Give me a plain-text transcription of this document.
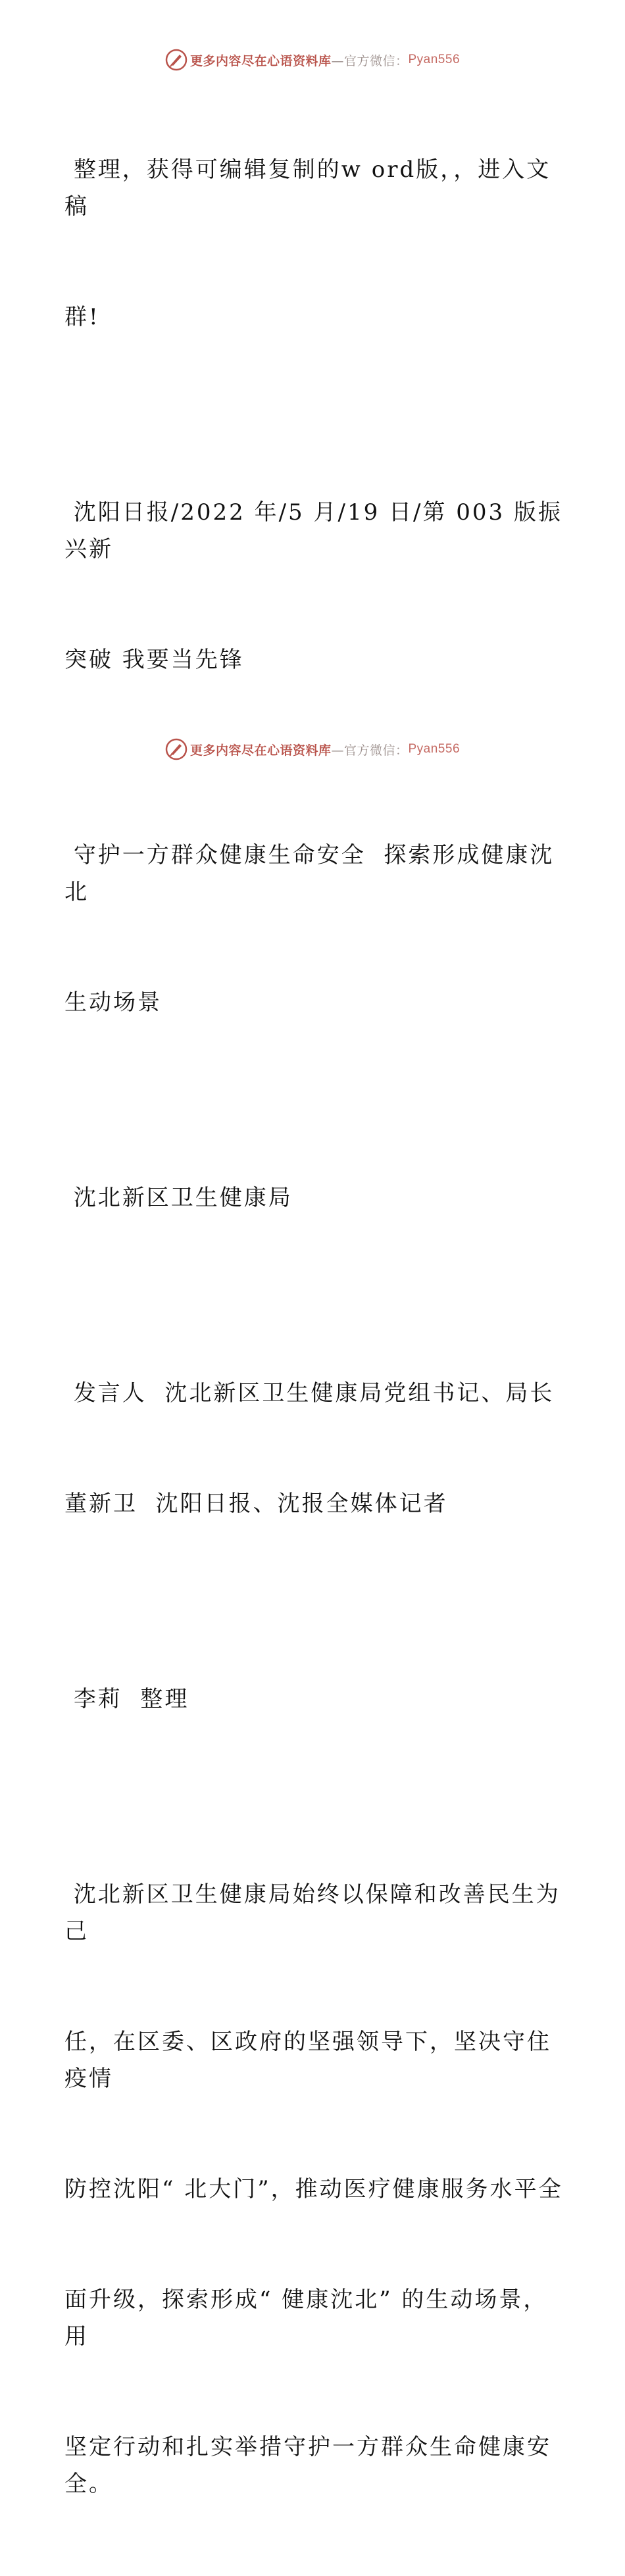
更多内容尽在心语资料库 —官方微信： Pyan556

整理，获得可编辑复制的w ord版，，进入文稿

群!

沈阳日报/2022 年/5 月/19 日/第 003 版振兴新

突破 我要当先锋

守护一方群众健康生命安全  探索形成健康沈北

生动场景

沈北新区卫生健康局

发言人  沈北新区卫生健康局党组书记、局长

董新卫  沈阳日报、沈报全媒体记者

李莉  整理

沈北新区卫生健康局始终以保障和改善民生为己

任，在区委、区政府的坚强领导下，坚决守住疫情

防控沈阳“ 北大门”，推动医疗健康服务水平全

面升级，探索形成“ 健康沈北” 的生动场景，用

坚定行动和扎实举措守护一方群众生命健康安全。

更多内容尽在心语资料库 —官方微信： Pyan556
